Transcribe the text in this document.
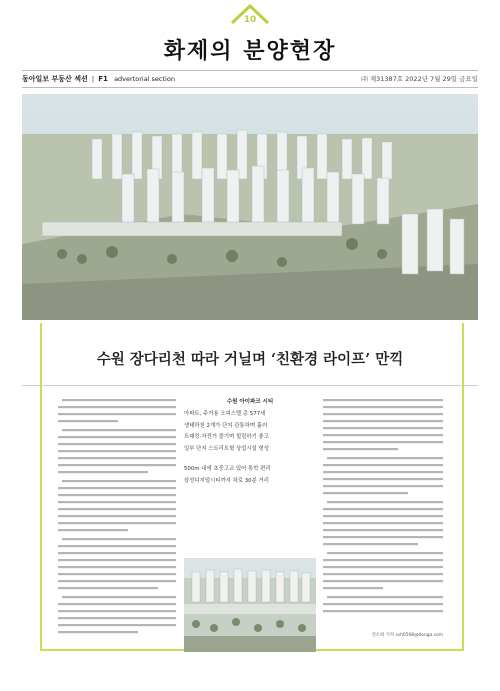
10
화제의 분양현장
동아일보 부동산 섹션  |  F1 advertorial section	㈜ 제31387호 2022년 7월 29일 금요일
수원 장다리천 따라 거닐며 ‘친환경 라이프’ 만끽
수원 아이파크 시티
아파트, 주거용 오피스텔 총 577세
생태하천 2개가 단지 관통하며 흘러
트래킹·자전거 즐기며 힐링하기 좋고
일부 단지 스트리트형 상업시설 형성
500m 내에 초중고교 있어 통학 편리
삼성디지털시티까지 차로 30분 거리
연소희 기자 ssh0508@donga.com
